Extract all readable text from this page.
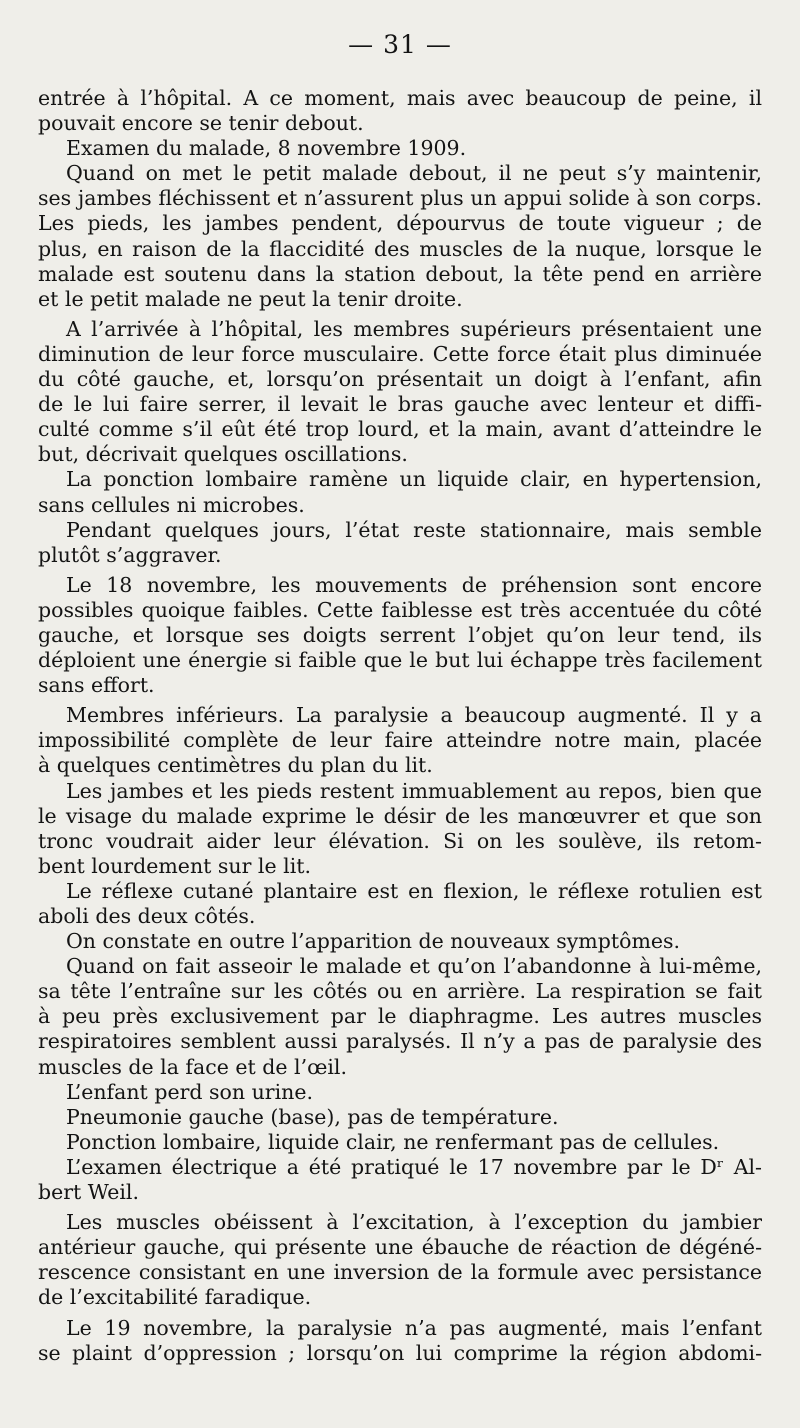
— 31 —
entrée à l’hôpital. A ce moment, mais avec beaucoup de peine, il
pouvait encore se tenir debout.
Examen du malade, 8 novembre 1909.
Quand on met le petit malade debout, il ne peut s’y maintenir,
ses jambes fléchissent et n’assurent plus un appui solide à son corps.
Les pieds, les jambes pendent, dépourvus de toute vigueur ; de
plus, en raison de la flaccidité des muscles de la nuque, lorsque le
malade est soutenu dans la station debout, la tête pend en arrière
et le petit malade ne peut la tenir droite.
A l’arrivée à l’hôpital, les membres supérieurs présentaient une
diminution de leur force musculaire. Cette force était plus diminuée
du côté gauche, et, lorsqu’on présentait un doigt à l’enfant, afin
de le lui faire serrer, il levait le bras gauche avec lenteur et diffi-
culté comme s’il eût été trop lourd, et la main, avant d’atteindre le
but, décrivait quelques oscillations.
La ponction lombaire ramène un liquide clair, en hypertension,
sans cellules ni microbes.
Pendant quelques jours, l’état reste stationnaire, mais semble
plutôt s’aggraver.
Le 18 novembre, les mouvements de préhension sont encore
possibles quoique faibles. Cette faiblesse est très accentuée du côté
gauche, et lorsque ses doigts serrent l’objet qu’on leur tend, ils
déploient une énergie si faible que le but lui échappe très facilement
sans effort.
Membres inférieurs. La paralysie a beaucoup augmenté. Il y a
impossibilité complète de leur faire atteindre notre main, placée
à quelques centimètres du plan du lit.
Les jambes et les pieds restent immuablement au repos, bien que
le visage du malade exprime le désir de les manœuvrer et que son
tronc voudrait aider leur élévation. Si on les soulève, ils retom-
bent lourdement sur le lit.
Le réflexe cutané plantaire est en flexion, le réflexe rotulien est
aboli des deux côtés.
On constate en outre l’apparition de nouveaux symptômes.
Quand on fait asseoir le malade et qu’on l’abandonne à lui-même,
sa tête l’entraîne sur les côtés ou en arrière. La respiration se fait
à peu près exclusivement par le diaphragme. Les autres muscles
respiratoires semblent aussi paralysés. Il n’y a pas de paralysie des
muscles de la face et de l’œil.
L’enfant perd son urine.
Pneumonie gauche (base), pas de température.
Ponction lombaire, liquide clair, ne renfermant pas de cellules.
L’examen électrique a été pratiqué le 17 novembre par le Dʳ Al-
bert Weil.
Les muscles obéissent à l’excitation, à l’exception du jambier
antérieur gauche, qui présente une ébauche de réaction de dégéné-
rescence consistant en une inversion de la formule avec persistance
de l’excitabilité faradique.
Le 19 novembre, la paralysie n’a pas augmenté, mais l’enfant
se plaint d’oppression ; lorsqu’on lui comprime la région abdomi-
